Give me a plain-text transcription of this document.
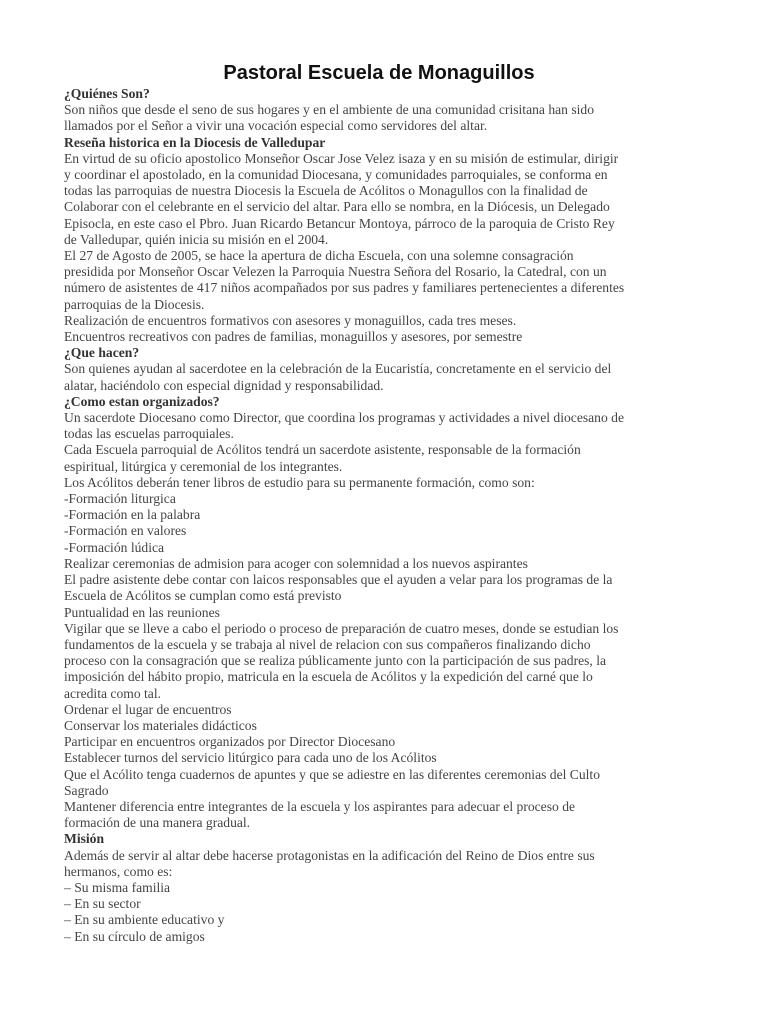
Pastoral Escuela de Monaguillos
¿Quiénes Son?
Son niños que desde el seno de sus hogares y en el ambiente de una comunidad crisitana han sido
llamados por el Señor a vivir una vocación especial como servidores del altar.
Reseña historica en la Diocesis de Valledupar
En virtud de su oficio apostolico Monseñor Oscar Jose Velez isaza y en su misión de estimular, dirigir
y coordinar el apostolado, en la comunidad Diocesana, y comunidades parroquiales, se conforma en
todas las parroquias de nuestra Diocesis la Escuela de Acólitos o Monagullos con la finalidad de
Colaborar con el celebrante en el servicio del altar. Para ello se nombra, en la Diócesis, un Delegado
Episocla, en este caso el Pbro. Juan Ricardo Betancur Montoya, párroco de la paroquia de Cristo Rey
de Valledupar, quién inicia su misión en el 2004.
El 27 de Agosto de 2005, se hace la apertura de dicha Escuela, con una solemne consagración
presidida por Monseñor Oscar Velezen la Parroquia Nuestra Señora del Rosario, la Catedral, con un
número de asistentes de 417 niños acompañados por sus padres y familiares pertenecientes a diferentes
parroquias de la Diocesis.
Realización de encuentros formativos con asesores y monaguillos, cada tres meses.
Encuentros recreativos con padres de familias, monaguillos y asesores, por semestre
¿Que hacen?
Son quienes ayudan al sacerdotee en la celebración de la Eucaristía, concretamente en el servicio del
alatar, haciéndolo con especial dignidad y responsabilidad.
¿Como estan organizados?
Un sacerdote Diocesano como Director, que coordina los programas y actividades a nivel diocesano de
todas las escuelas parroquiales.
Cada Escuela parroquial de Acólitos tendrá un sacerdote asistente, responsable de la formación
espiritual, litúrgica y ceremonial de los integrantes.
Los Acólitos deberán tener libros de estudio para su permanente formación, como son:
-Formación liturgica
-Formación en la palabra
-Formación en valores
-Formación lúdica
Realizar ceremonias de admision para acoger con solemnidad a los nuevos aspirantes
El padre asistente debe contar con laicos responsables que el ayuden a velar para los programas de la
Escuela de Acólitos se cumplan como está previsto
Puntualidad en las reuniones
Vigilar que se lleve a cabo el periodo o proceso de preparación de cuatro meses, donde se estudian los
fundamentos de la escuela y se trabaja al nivel de relacion con sus compañeros finalizando dicho
proceso con la consagración que se realiza públicamente junto con la participación de sus padres, la
imposición del hábito propio, matricula en la escuela de Acólitos y la expedición del carné que lo
acredita como tal.
Ordenar el lugar de encuentros
Conservar los materiales didácticos
Participar en encuentros organizados por Director Diocesano
Establecer turnos del servicio litúrgico para cada uno de los Acólitos
Que el Acólito tenga cuadernos de apuntes y que se adiestre en las diferentes ceremonias del Culto
Sagrado
Mantener diferencia entre integrantes de la escuela y los aspirantes para adecuar el proceso de
formación de una manera gradual.
Misión
Además de servir al altar debe hacerse protagonistas en la adificación del Reino de Dios entre sus
hermanos, como es:
– Su misma familia
– En su sector
– En su ambiente educativo y
– En su círculo de amigos
